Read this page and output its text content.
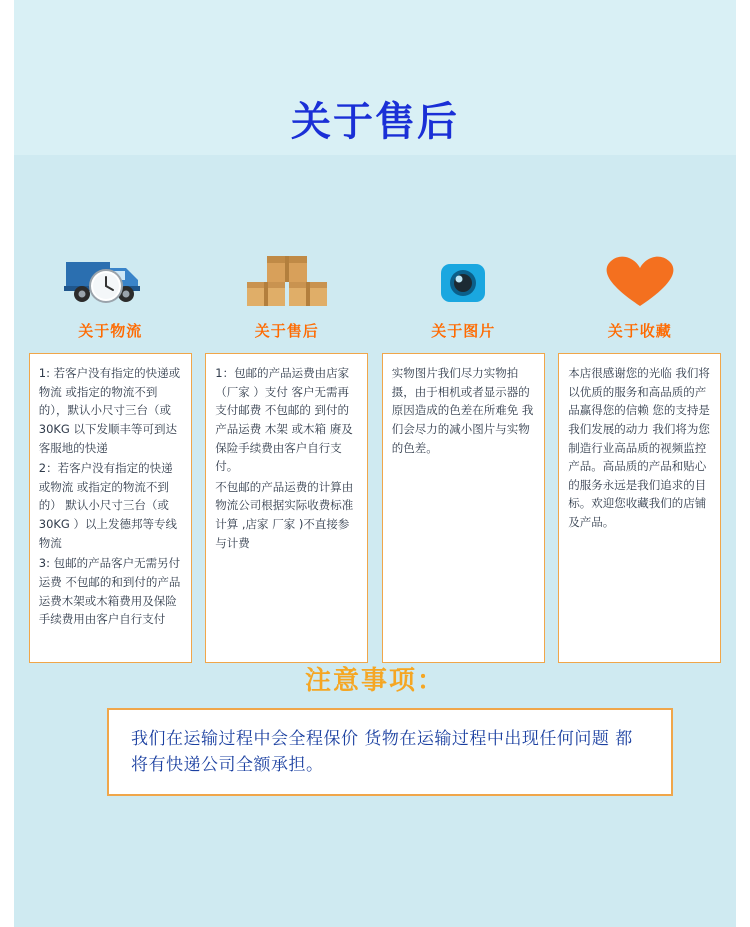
关于售后
关于物流

1: 若客户没有指定的快递或物流 或指定的物流不到的），默认小尺寸三台（或 30KG 以下发顺丰等可到达客服地的快递

2：若客户没有指定的快递或物流 或指定的物流不到的） 默认小尺寸三台（或 30KG ）以上发德邦等专线物流

3: 包邮的产品客户无需另付运费 不包邮的和到付的产品运费木架或木箱费用及保险手续费用由客户自行支付

关于售后

1：包邮的产品运费由店家（厂家 ）支付 客户无需再支付邮费 不包邮的 到付的产品运费 木架 或木箱 赓及保险手续费由客户自行支付。

不包邮的产品运费的计算由物流公司根据实际收费标准计算 ,店家 厂家 )不直接参与计费

关于图片

实物图片我们尽力实物拍摄，由于相机或者显示器的原因造成的色差在所难免 我们会尽力的减小图片与实物的色差。

关于收藏

本店很感谢您的光临 我们将以优质的服务和高品质的产品赢得您的信赖 您的支持是我们发展的动力 我们将为您制造行业高品质的视频监控产品。高品质的产品和贴心的服务永远是我们追求的目标。欢迎您收藏我们的店铺及产品。

注意事项：
我们在运输过程中会全程保价 货物在运输过程中出现任何问题 都将有快递公司全额承担。
